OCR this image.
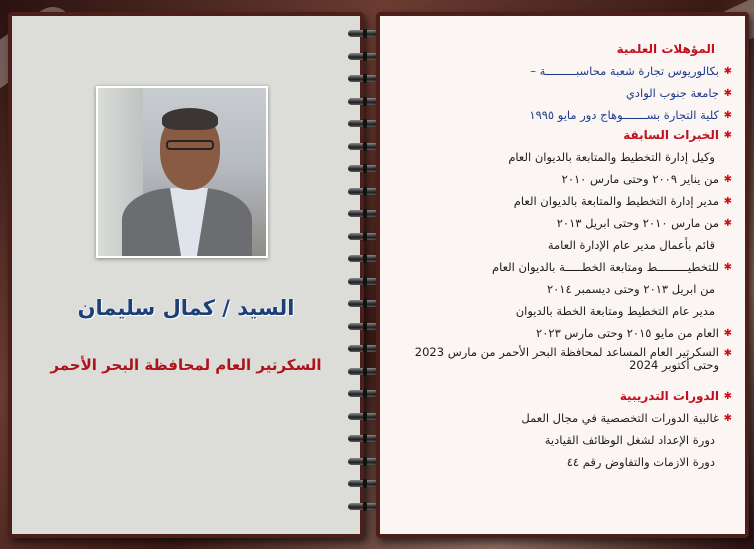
السيد / كمال سليمان
السكرتير العام لمحافظة البحر الأحمر
المؤهلات العلمية
✱
بكالوريوس تجارة شعبة محاسبـــــــــة –
✱
جامعة جنوب الوادي
✱
كلية التجارة بســـــــوهاج دور مايو ١٩٩٥
✱
الخبرات السابقة
وكيل إدارة التخطيط والمتابعة بالديوان العام
✱
من يناير ٢٠٠٩ وحتى مارس ٢٠١٠
✱
مدير إدارة التخطيط والمتابعة بالديوان العام
✱
من مارس ٢٠١٠ وحتى ابريل ٢٠١٣
قائم بأعمال مدير عام الإدارة العامة
✱
للتخطيـــــــــط ومتابعة الخطـــــة بالديوان العام
من ابريل ٢٠١٣ وحتى ديسمبر ٢٠١٤
مدير عام التخطيط ومتابعة الخطة بالديوان
✱
العام من مايو ٢٠١٥ وحتى مارس ٢٠٢٣
✱
السكرتير العام المساعد لمحافظة البحر الأحمر من مارس 2023 وحتى أكتوبر 2024
✱
الدورات التدريبية
✱
غالبية الدورات التخصصية في مجال العمل
دورة الإعداد لشغل الوظائف القيادية
دورة الازمات والتفاوض رقم ٤٤
